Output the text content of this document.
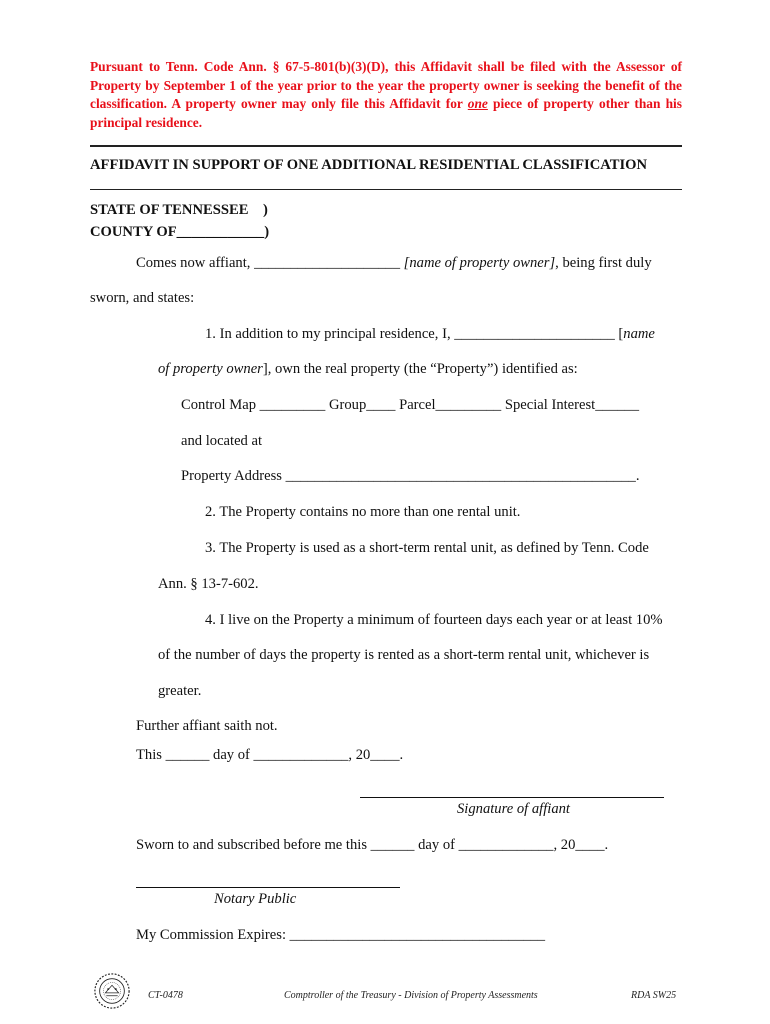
Pursuant to Tenn. Code Ann. § 67-5-801(b)(3)(D), this Affidavit shall be filed with the Assessor of Property by September 1 of the year prior to the year the property owner is seeking the benefit of the classification. A property owner may only file this Affidavit for one piece of property other than his principal residence.
AFFIDAVIT IN SUPPORT OF ONE ADDITIONAL RESIDENTIAL CLASSIFICATION
STATE OF TENNESSEE    )
COUNTY OF____________)
Comes now affiant, ____________________ [name of property owner], being first duly
sworn, and states:
1. In addition to my principal residence, I, ______________________ [name
of property owner], own the real property (the “Property”) identified as:
Control Map _________ Group____ Parcel_________ Special Interest______
and located at
Property Address ________________________________________________.
2. The Property contains no more than one rental unit.
3. The Property is used as a short-term rental unit, as defined by Tenn. Code
Ann. § 13-7-602.
4. I live on the Property a minimum of fourteen days each year or at least 10%
of the number of days the property is rented as a short-term rental unit, whichever is
greater.
Further affiant saith not.
This ______ day of _____________, 20____.
Signature of affiant
Sworn to and subscribed before me this ______ day of _____________, 20____.
Notary Public
My Commission Expires: ___________________________________
CT-0478	Comptroller of the Treasury - Division of Property Assessments	RDA SW25
